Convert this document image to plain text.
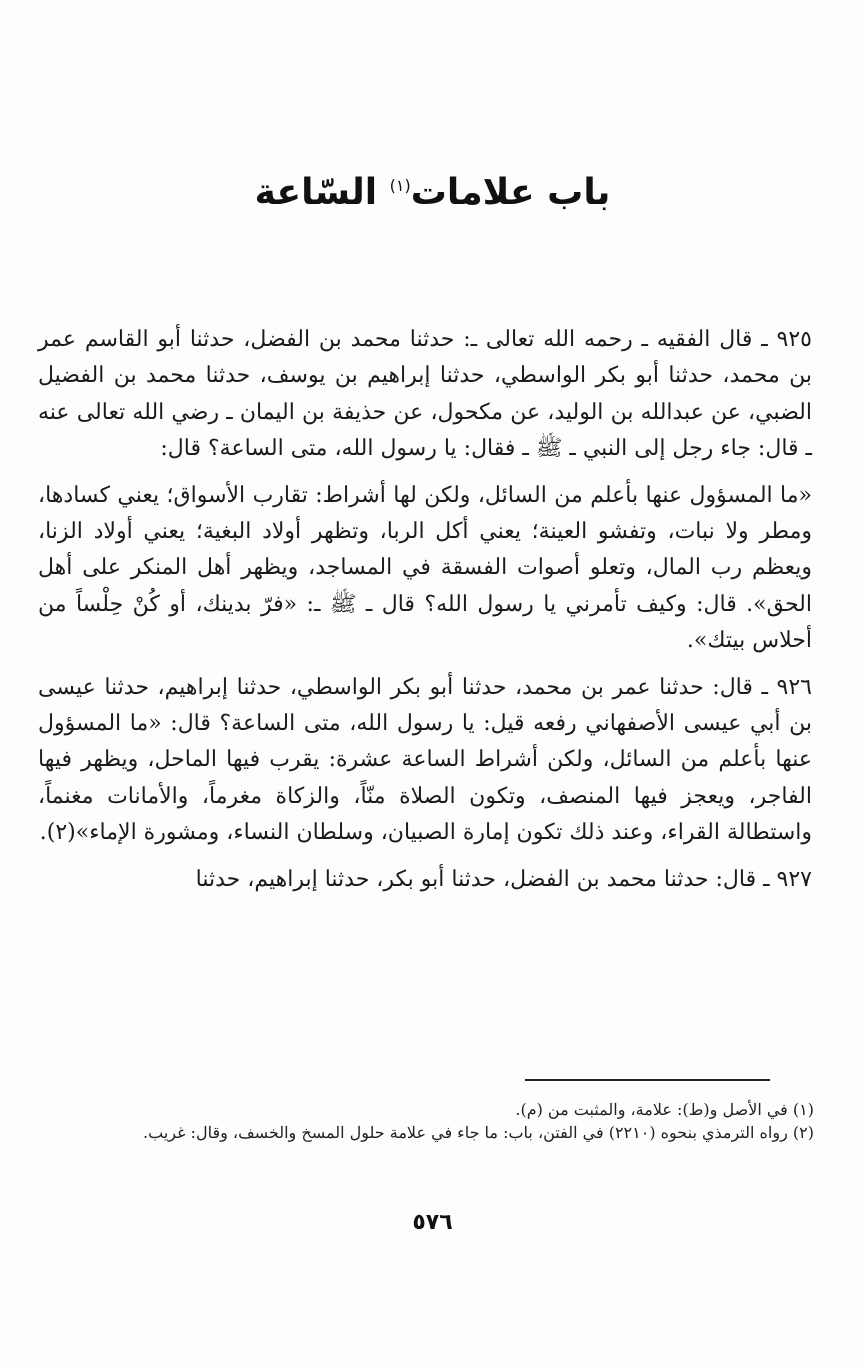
باب علامات$^{(١)}$ السّاعة

٩٢٥ ـ قال الفقيه ـ رحمه الله تعالى ـ: حدثنا محمد بن الفضل، حدثنا أبو القاسم عمر بن محمد، حدثنا أبو بكر الواسطي، حدثنا إبراهيم بن يوسف، حدثنا محمد بن الفضيل الضبي، عن عبدالله بن الوليد، عن مكحول، عن حذيفة بن اليمان ـ رضي الله تعالى عنه ـ قال: جاء رجل إلى النبي ـ ﷺ ـ فقال: يا رسول الله، متى الساعة؟ قال:

«ما المسؤول عنها بأعلم من السائل، ولكن لها أشراط: تقارب الأسواق؛ يعني كسادها، ومطر ولا نبات، وتفشو العينة؛ يعني أكل الربا، وتظهر أولاد البغية؛ يعني أولاد الزنا، ويعظم رب المال، وتعلو أصوات الفسقة في المساجد، ويظهر أهل المنكر على أهل الحق». قال: وكيف تأمرني يا رسول الله؟ قال ـ ﷺ ـ: «فرّ بدينك، أو كُنْ حِلْساً من أحلاس بيتك».

٩٢٦ ـ قال: حدثنا عمر بن محمد، حدثنا أبو بكر الواسطي، حدثنا إبراهيم، حدثنا عيسى بن أبي عيسى الأصفهاني رفعه قيل: يا رسول الله، متى الساعة؟ قال: «ما المسؤول عنها بأعلم من السائل، ولكن أشراط الساعة عشرة: يقرب فيها الماحل، ويظهر فيها الفاجر، ويعجز فيها المنصف، وتكون الصلاة منّاً، والزكاة مغرماً، والأمانات مغنماً، واستطالة القراء، وعند ذلك تكون إمارة الصبيان، وسلطان النساء، ومشورة الإماء»(٢).

٩٢٧ ـ قال: حدثنا محمد بن الفضل، حدثنا أبو بكر، حدثنا إبراهيم، حدثنا

(١) في الأصل و(ط): علامة، والمثبت من (م).

(٢) رواه الترمذي بنحوه (٢٢١٠) في الفتن، باب: ما جاء في علامة حلول المسخ والخسف، وقال: غريب.

٥٧٦
